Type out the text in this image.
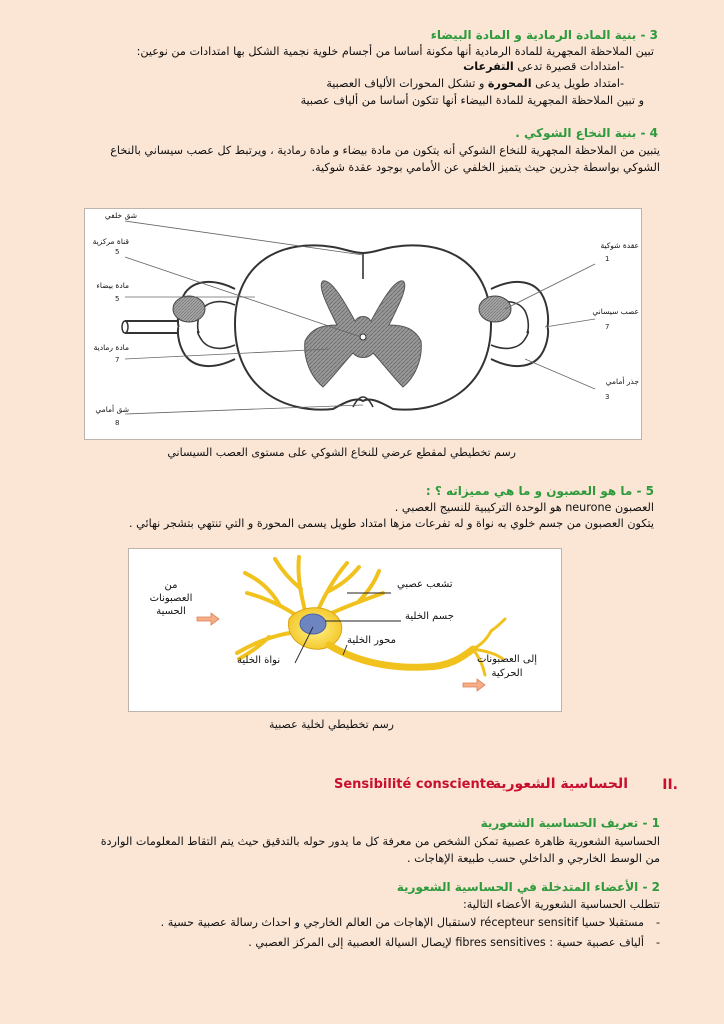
3 - بنية المادة الرمادية و المادة البيضاء
تبين الملاحظة المجهرية للمادة الرمادية أنها مكونة أساسا من أجسام خلوية نجمية الشكل بها امتدادات من نوعين:
-امتدادات قصيرة تدعى التفرعات
-امتداد طويل يدعى المحورة و تشكل المحورات الألياف العصبية
و تبين الملاحظة المجهرية للمادة البيضاء أنها تتكون أساسا من ألياف عصبية
4 - بنية النخاع الشوكي .
يتبين من الملاحظة المجهرية للنخاع الشوكي أنه يتكون من مادة بيضاء و مادة رمادية ، ويرتبط كل عصب سيساني بالنخاع
الشوكي بواسطة جذرين حيث يتميز الخلفي عن الأمامي بوجود عقدة شوكية.
5
5
7
8
1
7
3
شق خلفي
قناة مركزية
مادة بيضاء
مادة رمادية
شق أمامي
عقدة شوكية
عصب سيساني
جذر أمامي
رسم تخطيطي لمقطع عرضي للنخاع الشوكي على مستوى العصب السيساني
5 - ما هو العصبون و ما هي مميزاته ؟ :
العصبون neurone هو الوحدة التركيبية للنسيج العصبي .
يتكون العصبون من جسم خلوي به نواة و له تفرعات مزها امتداد طويل يسمى المحورة و التي تنتهي بتشجر نهائي .
من
العصبونات
الحسية
تشعب عصبي
جسم الخلية
محور الخلية
نواة الخلية	إلى العصبونات
الحركية
رسم تخطيطي لخلية عصبية
II.
الحساسية الشعورية
Sensibilité consciente
1 - تعريف الحساسية الشعورية
الحساسية الشعورية ظاهرة عصبية تمكن الشخص من معرفة كل ما يدور حوله بالتدقيق حيث يتم التقاط المعلومات الواردة
من الوسط الخارجي و الداخلي حسب طبيعة الإهاجات .
2 - الأعضاء المتدخلة في الحساسية الشعورية
تتطلب الحساسية الشعورية الأعضاء التالية:
-
مستقبلا حسيا récepteur sensitif لاستقبال الإهاجات من العالم الخارجي و احداث رسالة عصبية حسية .
-
ألياف عصبية حسية : fibres sensitives لإيصال السيالة العصبية إلى المركز العصبي .
